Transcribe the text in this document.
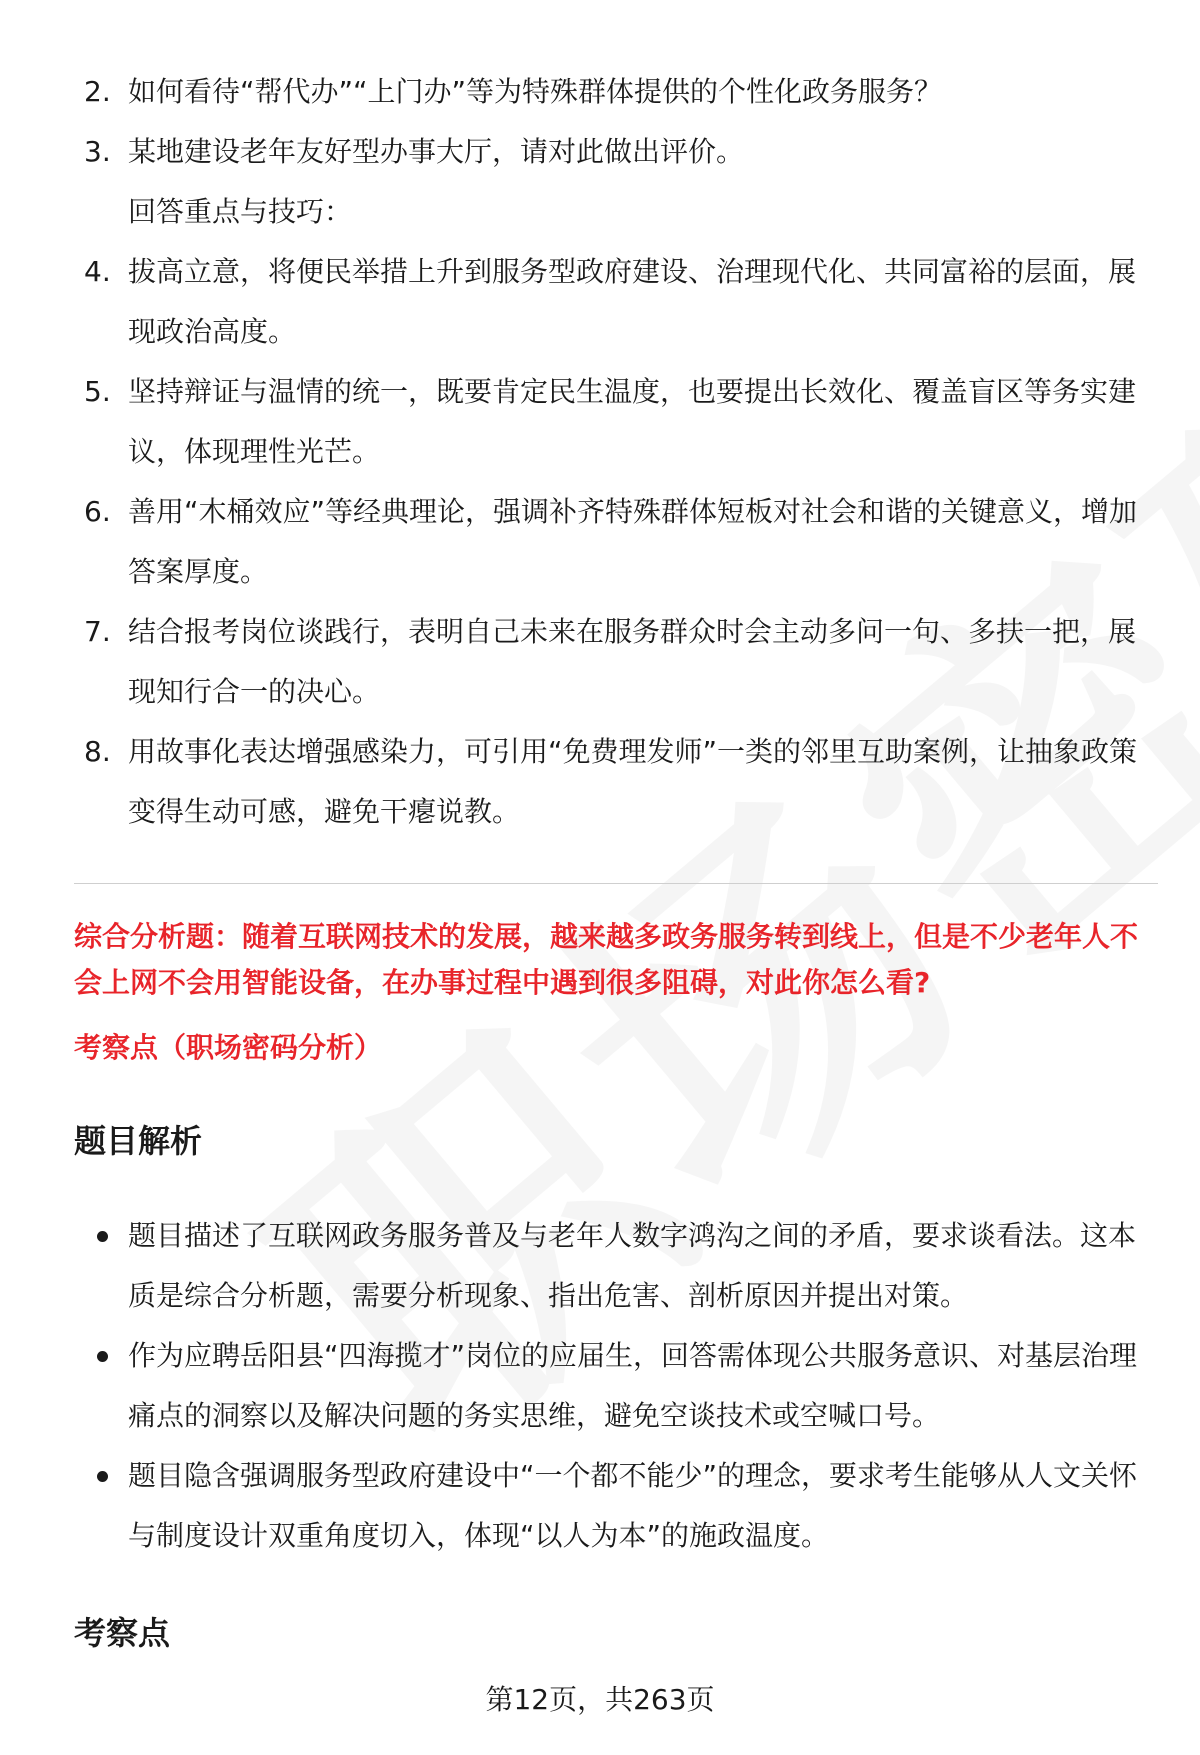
2. 如何看待“帮代办”“上门办”等为特殊群体提供的个性化政务服务？
3. 某地建设老年友好型办事大厅，请对此做出评价。
回答重点与技巧：
4. 拔高立意，将便民举措上升到服务型政府建设、治理现代化、共同富裕的层面，展现政治高度。
5. 坚持辩证与温情的统一，既要肯定民生温度，也要提出长效化、覆盖盲区等务实建议，体现理性光芒。
6. 善用“木桶效应”等经典理论，强调补齐特殊群体短板对社会和谐的关键意义，增加答案厚度。
7. 结合报考岗位谈践行，表明自己未来在服务群众时会主动多问一句、多扶一把，展现知行合一的决心。
8. 用故事化表达增强感染力，可引用“免费理发师”一类的邻里互助案例，让抽象政策变得生动可感，避免干瘪说教。
综合分析题：随着互联网技术的发展，越来越多政务服务转到线上，但是不少老年人不会上网不会用智能设备，在办事过程中遇到很多阻碍，对此你怎么看?
考察点（职场密码分析）
题目解析
题目描述了互联网政务服务普及与老年人数字鸿沟之间的矛盾，要求谈看法。这本质是综合分析题，需要分析现象、指出危害、剖析原因并提出对策。
作为应聘岳阳县“四海揽才”岗位的应届生，回答需体现公共服务意识、对基层治理痛点的洞察以及解决问题的务实思维，避免空谈技术或空喊口号。
题目隐含强调服务型政府建设中“一个都不能少”的理念，要求考生能够从人文关怀与制度设计双重角度切入，体现“以人为本”的施政温度。
考察点
第12页，共263页
